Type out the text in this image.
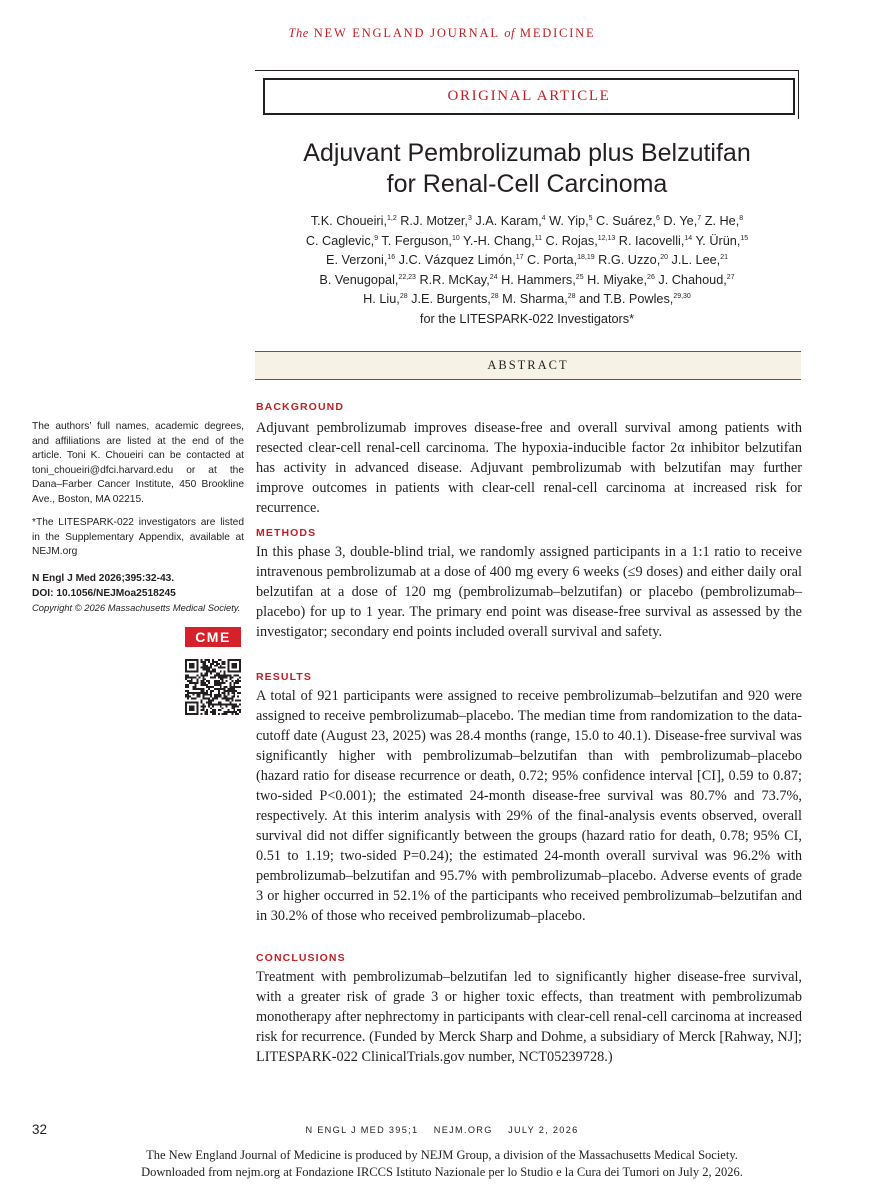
The NEW ENGLAND JOURNAL of MEDICINE
ORIGINAL ARTICLE
Adjuvant Pembrolizumab plus Belzutifan
for Renal-Cell Carcinoma
T.K. Choueiri,$^{1,2}$ R.J. Motzer,$^3$ J.A. Karam,$^4$ W. Yip,$^5$ C. Suárez,$^6$ D. Ye,$^7$ Z. He,$^8$
C. Caglevic,$^9$ T. Ferguson,$^{10}$ Y.-H. Chang,$^{11}$ C. Rojas,$^{12,13}$ R. Iacovelli,$^{14}$ Y. Ürün,$^{15}$
E. Verzoni,$^{16}$ J.C. Vázquez Limón,$^{17}$ C. Porta,$^{18,19}$ R.G. Uzzo,$^{20}$ J.L. Lee,$^{21}$
B. Venugopal,$^{22,23}$ R.R. McKay,$^{24}$ H. Hammers,$^{25}$ H. Miyake,$^{26}$ J. Chahoud,$^{27}$
H. Liu,$^{28}$ J.E. Burgents,$^{28}$ M. Sharma,$^{28}$ and T.B. Powles,$^{29,30}$
for the LITESPARK-022 Investigators*
ABSTRACT
BACKGROUND
Adjuvant pembrolizumab improves disease-free and overall survival among patients with resected clear-cell renal-cell carcinoma. The hypoxia-inducible factor 2α inhibitor belzutifan has activity in advanced disease. Adjuvant pembrolizumab with belzutifan may further improve outcomes in patients with clear-cell renal-cell carcinoma at increased risk for recurrence.
METHODS
In this phase 3, double-blind trial, we randomly assigned participants in a 1:1 ratio to receive intravenous pembrolizumab at a dose of 400 mg every 6 weeks (≤9 doses) and either daily oral belzutifan at a dose of 120 mg (pembrolizumab–belzutifan) or placebo (pembrolizumab–placebo) for up to 1 year. The primary end point was disease-free survival as assessed by the investigator; secondary end points included overall survival and safety.
RESULTS
A total of 921 participants were assigned to receive pembrolizumab–belzutifan and 920 were assigned to receive pembrolizumab–placebo. The median time from randomization to the data-cutoff date (August 23, 2025) was 28.4 months (range, 15.0 to 40.1). Disease-free survival was significantly higher with pembrolizumab–belzutifan than with pembrolizumab–placebo (hazard ratio for disease recurrence or death, 0.72; 95% confidence interval [CI], 0.59 to 0.87; two-sided P<0.001); the estimated 24-month disease-free survival was 80.7% and 73.7%, respectively. At this interim analysis with 29% of the final-analysis events observed, overall survival did not differ significantly between the groups (hazard ratio for death, 0.78; 95% CI, 0.51 to 1.19; two-sided P=0.24); the estimated 24-month overall survival was 96.2% with pembrolizumab–belzutifan and 95.7% with pembrolizumab–placebo. Adverse events of grade 3 or higher occurred in 52.1% of the participants who received pembrolizumab–belzutifan and in 30.2% of those who received pembrolizumab–placebo.
CONCLUSIONS
Treatment with pembrolizumab–belzutifan led to significantly higher disease-free survival, with a greater risk of grade 3 or higher toxic effects, than treatment with pembrolizumab monotherapy after nephrectomy in participants with clear-cell renal-cell carcinoma at increased risk for recurrence. (Funded by Merck Sharp and Dohme, a subsidiary of Merck [Rahway, NJ]; LITESPARK-022 ClinicalTrials.gov number, NCT05239728.)
The authors’ full names, academic degrees, and affiliations are listed at the end of the article. Toni K. Choueiri can be contacted at toni_choueiri@dfci.harvard.edu or at the Dana–Farber Cancer Institute, 450 Brookline Ave., Boston, MA 02215.
*The LITESPARK-022 investigators are listed in the Supplementary Appendix, available at NEJM.org
N Engl J Med 2026;395:32-43.
DOI: 10.1056/NEJMoa2518245
Copyright © 2026 Massachusetts Medical Society.
CME
32	N ENGL J MED 395;1    NEJM.ORG    JULY 2, 2026
The New England Journal of Medicine is produced by NEJM Group, a division of the Massachusetts Medical Society.
Downloaded from nejm.org at Fondazione IRCCS Istituto Nazionale per lo Studio e la Cura dei Tumori on July 2, 2026.
